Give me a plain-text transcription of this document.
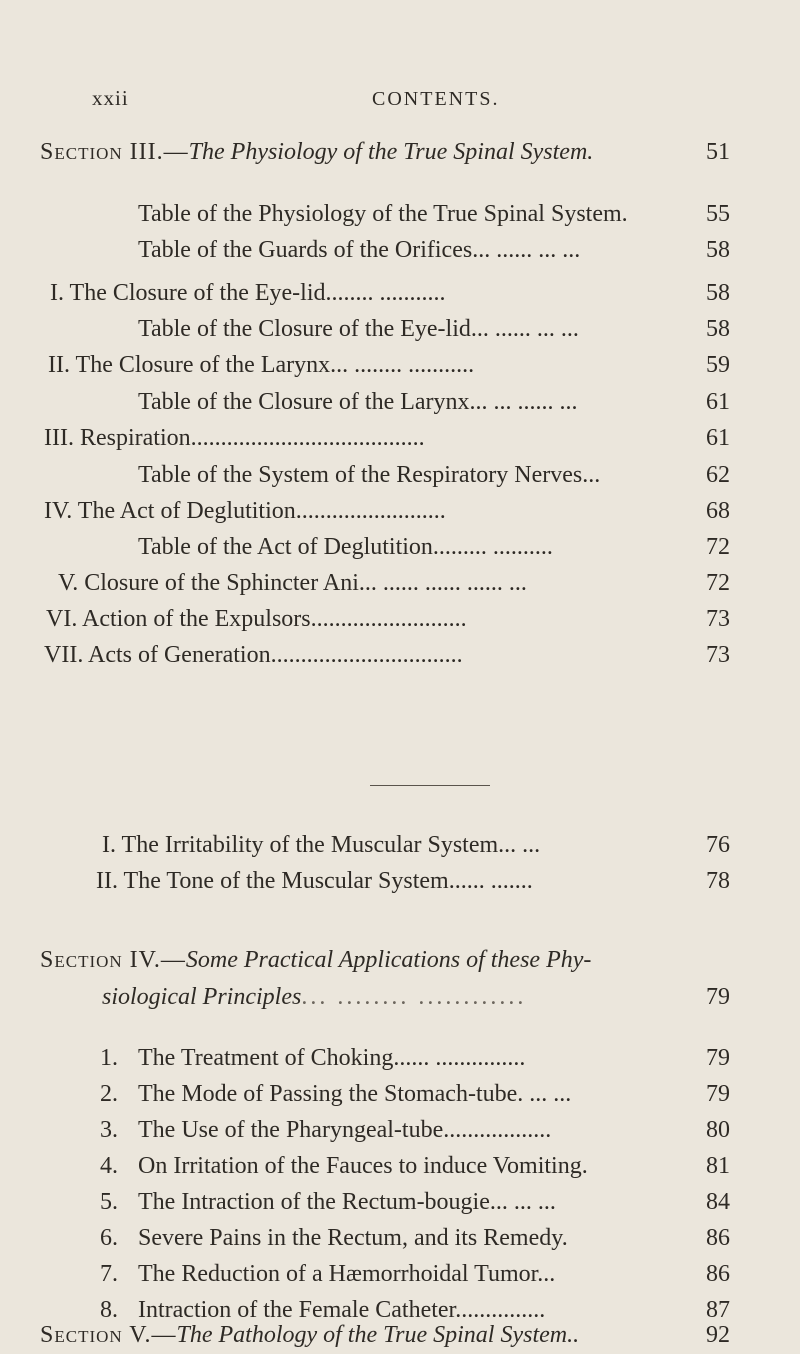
xxii	CONTENTS.
Section III.—The Physiology of the True Spinal System.	51
Table of the Physiology of the True Spinal System.	55
Table of the Guards of the Orifices... ...... ... ...	58
I. The Closure of the Eye-lid........ ...........	58
Table of the Closure of the Eye-lid... ...... ... ...	58
II. The Closure of the Larynx... ........ ...........	59
Table of the Closure of the Larynx... ... ...... ...	61
III. Respiration.......................................	61
Table of the System of the Respiratory Nerves...	62
IV. The Act of Deglutition.........................	68
Table of the Act of Deglutition......... ..........	72
V. Closure of the Sphincter Ani... ...... ...... ...... ...	72
VI. Action of the Expulsors..........................	73
VII. Acts of Generation................................	73
I. The Irritability of the Muscular System... ...	76
II. The Tone of the Muscular System...... .......	78
Section IV.—Some Practical Applications of these Phy-
siological Principles... ........ ............	79
1. The Treatment of Choking...... ...............	79
2. The Mode of Passing the Stomach-tube. ... ...	79
3. The Use of the Pharyngeal-tube..................	80
4. On Irritation of the Fauces to induce Vomiting.	81
5. The Intraction of the Rectum-bougie... ... ...	84
6. Severe Pains in the Rectum, and its Remedy.	86
7. The Reduction of a Hæmorrhoidal Tumor...	86
8. Intraction of the Female Catheter...............	87
Section V.—The Pathology of the True Spinal System..	92
